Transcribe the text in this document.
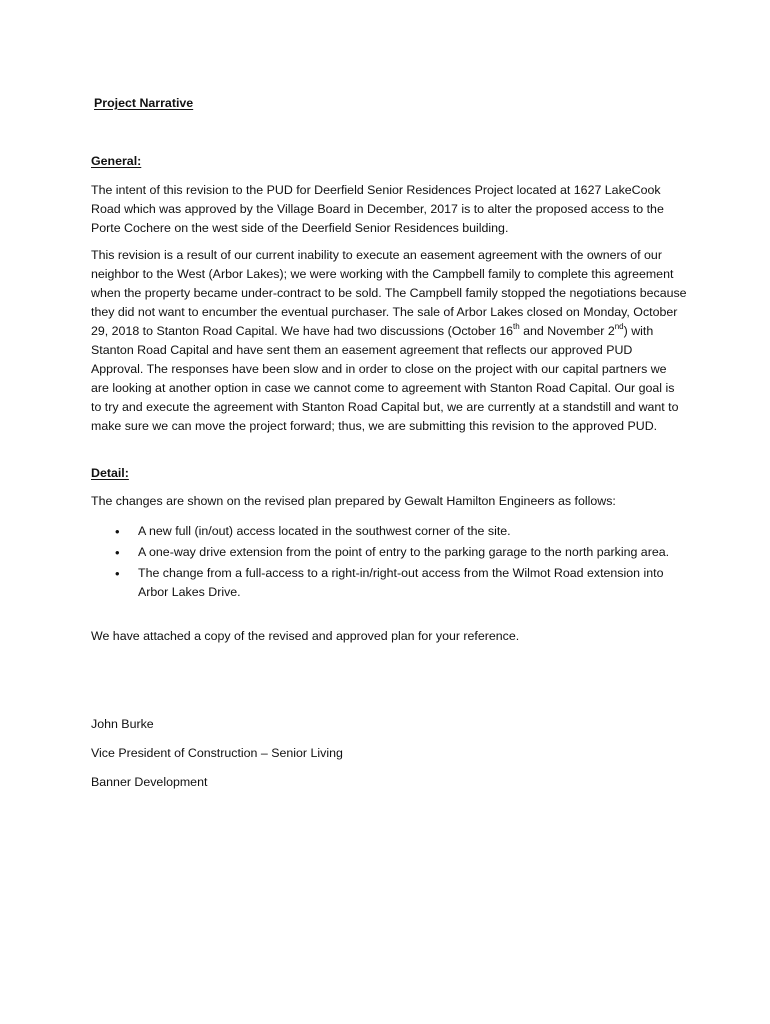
Project Narrative
General:

The intent of this revision to the PUD for Deerfield Senior Residences Project located at 1627 LakeCook Road which was approved by the Village Board in December, 2017 is to alter the proposed access to the Porte Cochere on the west side of the Deerfield Senior Residences building.

This revision is a result of our current inability to execute an easement agreement with the owners of our neighbor to the West (Arbor Lakes); we were working with the Campbell family to complete this agreement when the property became under-contract to be sold. The Campbell family stopped the negotiations because they did not want to encumber the eventual purchaser. The sale of Arbor Lakes closed on Monday, October 29, 2018 to Stanton Road Capital. We have had two discussions (October 16th and November 2nd) with Stanton Road Capital and have sent them an easement agreement that reflects our approved PUD Approval. The responses have been slow and in order to close on the project with our capital partners we are looking at another option in case we cannot come to agreement with Stanton Road Capital. Our goal is to try and execute the agreement with Stanton Road Capital but, we are currently at a standstill and want to make sure we can move the project forward; thus, we are submitting this revision to the approved PUD.

Detail:

The changes are shown on the revised plan prepared by Gewalt Hamilton Engineers as follows:

• A new full (in/out) access located in the southwest corner of the site.
• A one-way drive extension from the point of entry to the parking garage to the north parking area.
• The change from a full-access to a right-in/right-out access from the Wilmot Road extension into Arbor Lakes Drive.

We have attached a copy of the revised and approved plan for your reference.

John Burke
Vice President of Construction – Senior Living
Banner Development
